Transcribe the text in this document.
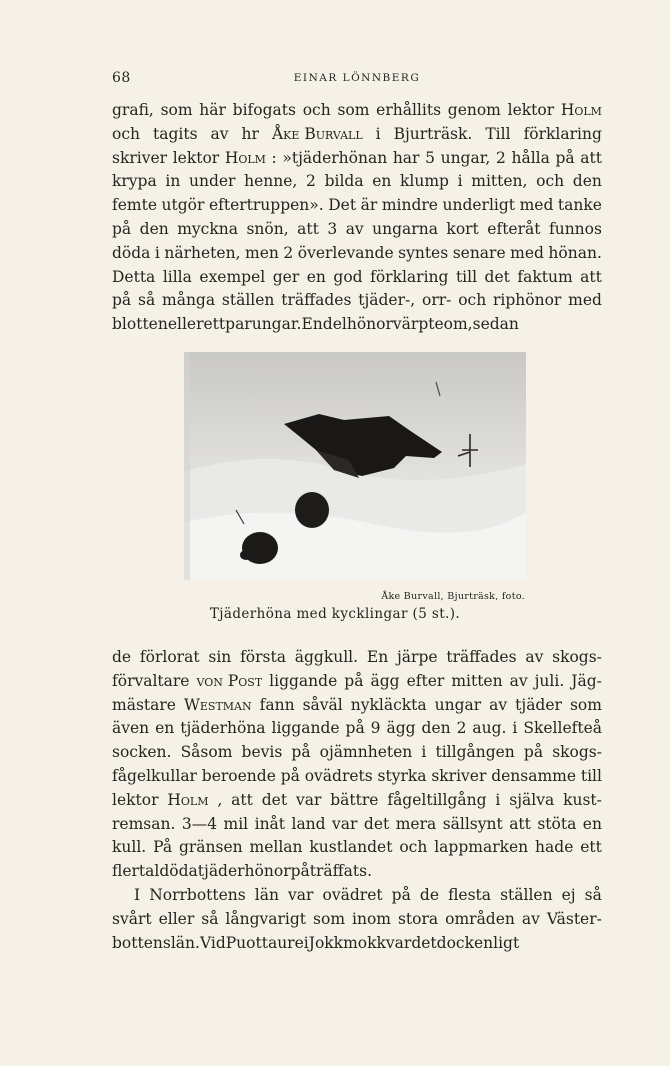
68	EINAR LÖNNBERG
grafi, som här bifogats och som erhållits genom lektor Holm
och tagits av hr Åke Burvall i Bjurträsk. Till förklaring
skriver lektor Holm : »tjäderhönan har 5 ungar, 2 hålla på att
krypa in under henne, 2 bilda en klump i mitten, och den
femte utgör eftertruppen». Det är mindre underligt med tanke
på den myckna snön, att 3 av ungarna kort efteråt funnos
döda i närheten, men 2 överlevande syntes senare med hönan.
Detta lilla exempel ger en god förklaring till det faktum att
på så många ställen träffades tjäder-, orr- och riphönor med
blott en eller ett par ungar. En del hönor värpte om, sedan
Åke Burvall, Bjurträsk, foto.
Tjäderhöna med kycklingar (5 st.).
de förlorat sin första äggkull. En järpe träffades av skogs-
förvaltare von Post liggande på ägg efter mitten av juli. Jäg-
mästare Westman fann såväl nykläckta ungar av tjäder som
även en tjäderhöna liggande på 9 ägg den 2 aug. i Skellefteå
socken. Såsom bevis på ojämnheten i tillgången på skogs-
fågelkullar beroende på ovädrets styrka skriver densamme till
lektor Holm , att det var bättre fågeltillgång i själva kust-
remsan. 3—4 mil inåt land var det mera sällsynt att stöta en
kull. På gränsen mellan kustlandet och lappmarken hade ett
flertal döda tjäderhönor påträffats.
I Norrbottens län var ovädret på de flesta ställen ej så
svårt eller så långvarigt som inom stora områden av Väster-
bottens län. Vid Puottaure i Jokkmokk var det dock enligt
